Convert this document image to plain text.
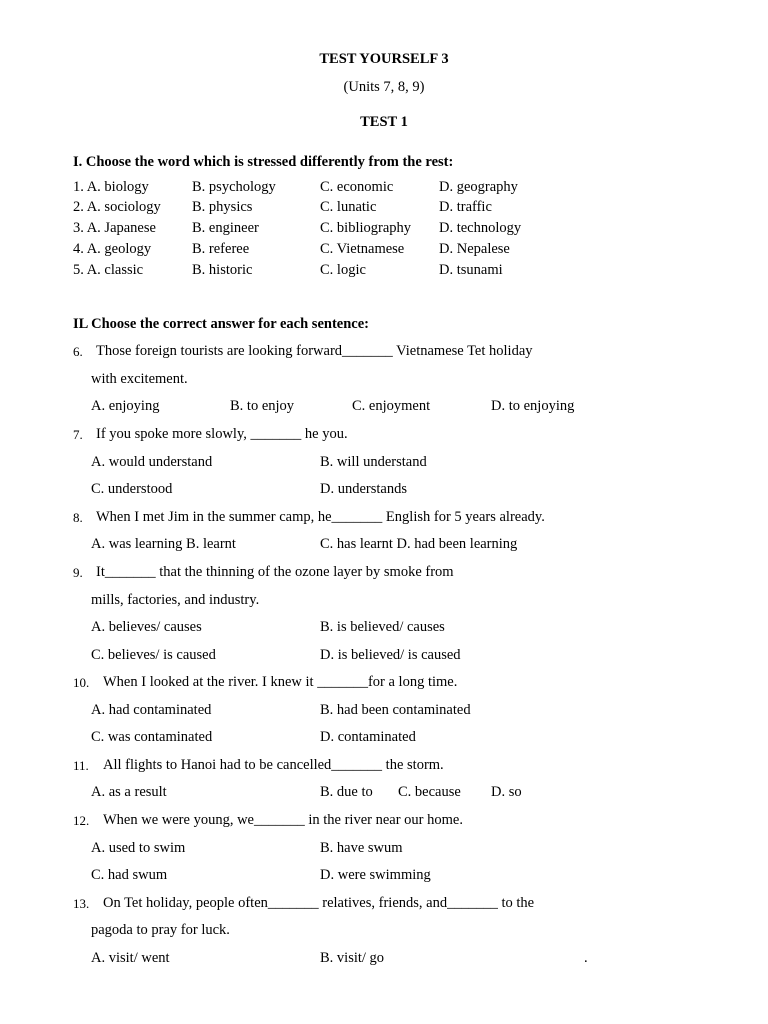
TEST YOURSELF 3
(Units 7, 8, 9)
TEST 1
I. Choose the word which is stressed differently from the rest:
1. A. biology	B. psychology	C. economic	D. geography
2. A. sociology B. physics	C. lunatic	D. traffic
3. A. Japanese B. engineer	C. bibliography D. technology
4. A. geology	B. referee	C. Vietnamese D. Nepalese
5. A. classic	B. historic	C. logic	D. tsunami
IL Choose the correct answer for each sentence:
6. Those foreign tourists are looking forward_______ Vietnamese Tet holiday
with excitement.
A. enjoying	B. to enjoy	C. enjoyment	D. to enjoying
7. If you spoke more slowly, _______ he you.
A. would understand	B. will understand
C. understood	D. understands
8. When I met Jim in the summer camp, he_______ English for 5 years already.
A. was learning B. learnt	C. has learnt D. had been learning
9. It_______ that the thinning of the ozone layer by smoke from
mills, factories, and industry.
A. believes/ causes	B. is believed/ causes
C. believes/ is caused	D. is believed/ is caused
10. When I looked at the river. I knew it _______for a long time.
A. had contaminated	B. had been contaminated
C. was contaminated	D. contaminated
11. All flights to Hanoi had to be cancelled_______ the storm.
A. as a result	B. due to C. because D. so
12. When we were young, we_______ in the river near our home.
A. used to swim	B. have swum
C. had swum	D. were swimming
13. On Tet holiday, people often_______ relatives, friends, and_______ to the
pagoda to pray for luck.
A. visit/ went	B. visit/ go	.
